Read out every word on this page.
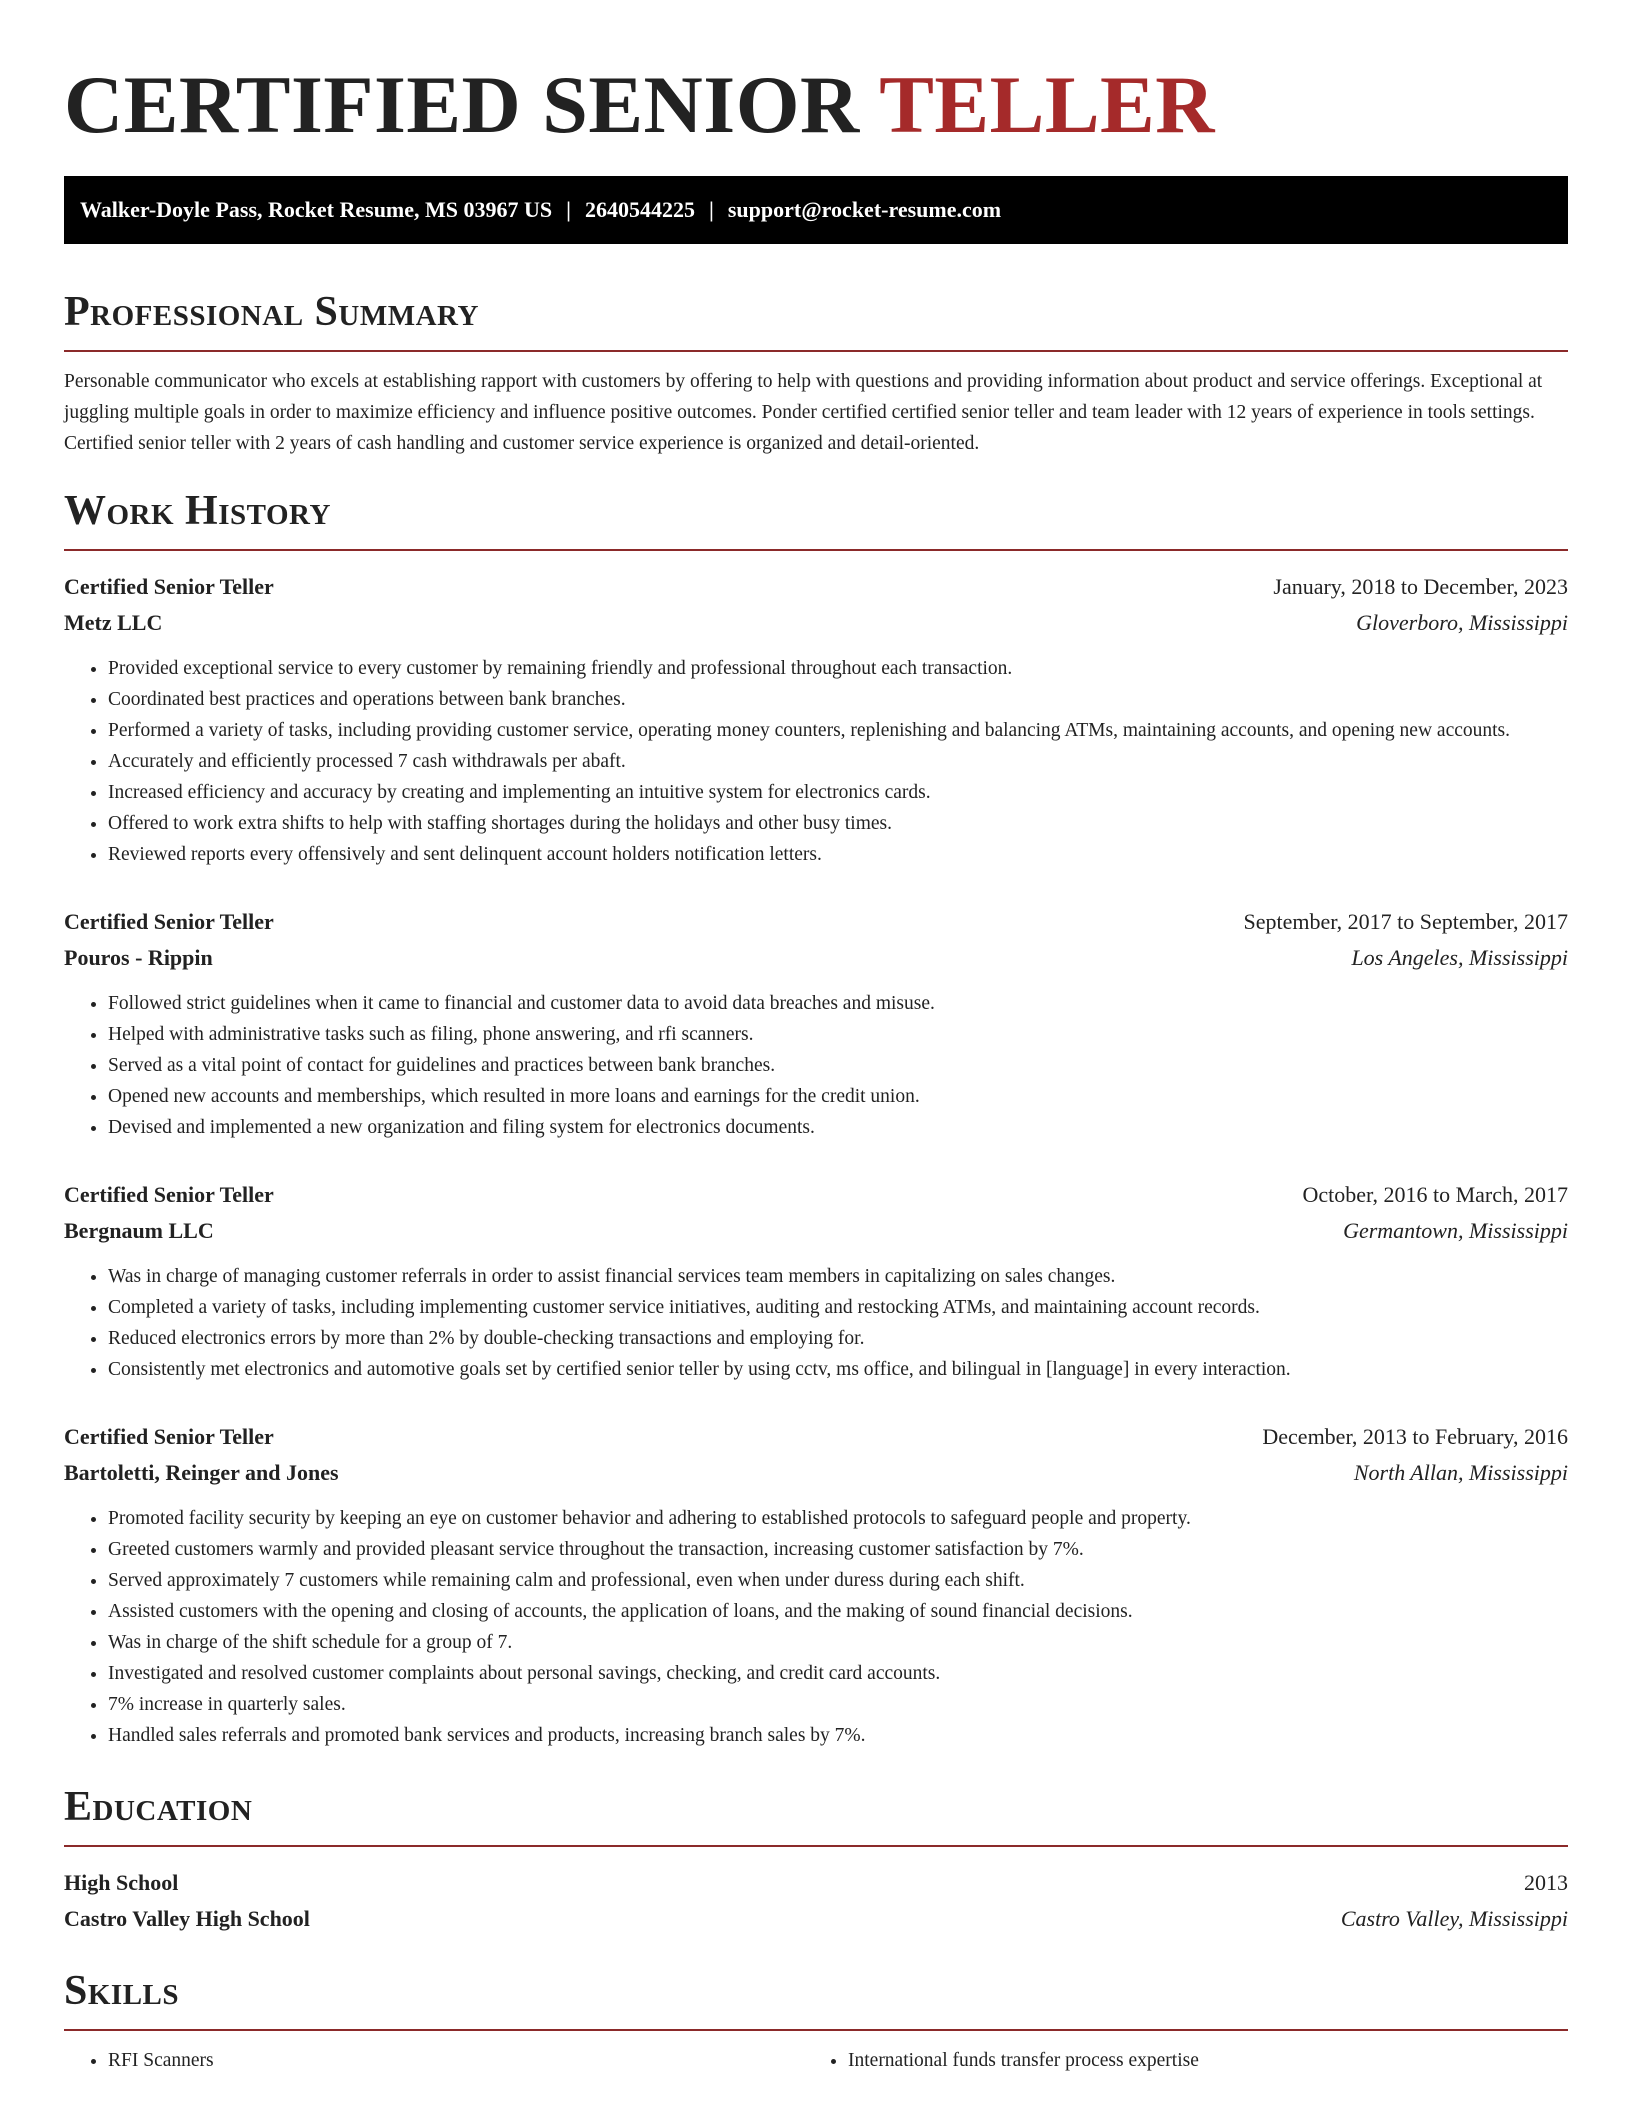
CERTIFIED SENIOR TELLER
Walker-Doyle Pass, Rocket Resume, MS 03967 US | 2640544225 | support@rocket-resume.com
Professional Summary

Personable communicator who excels at establishing rapport with customers by offering to help with questions and providing information about product and service offerings. Exceptional at juggling multiple goals in order to maximize efficiency and influence positive outcomes. Ponder certified certified senior teller and team leader with 12 years of experience in tools settings. Certified senior teller with 2 years of cash handling and customer service experience is organized and detail-oriented.

Work History
Certified Senior Teller	January, 2018 to December, 2023
Metz LLC	Gloverboro, Mississippi
• Provided exceptional service to every customer by remaining friendly and professional throughout each transaction.
• Coordinated best practices and operations between bank branches.
• Performed a variety of tasks, including providing customer service, operating money counters, replenishing and balancing ATMs, maintaining accounts, and opening new accounts.
• Accurately and efficiently processed 7 cash withdrawals per abaft.
• Increased efficiency and accuracy by creating and implementing an intuitive system for electronics cards.
• Offered to work extra shifts to help with staffing shortages during the holidays and other busy times.
• Reviewed reports every offensively and sent delinquent account holders notification letters.
Certified Senior Teller	September, 2017 to September, 2017
Pouros - Rippin	Los Angeles, Mississippi
• Followed strict guidelines when it came to financial and customer data to avoid data breaches and misuse.
• Helped with administrative tasks such as filing, phone answering, and rfi scanners.
• Served as a vital point of contact for guidelines and practices between bank branches.
• Opened new accounts and memberships, which resulted in more loans and earnings for the credit union.
• Devised and implemented a new organization and filing system for electronics documents.
Certified Senior Teller	October, 2016 to March, 2017
Bergnaum LLC	Germantown, Mississippi
• Was in charge of managing customer referrals in order to assist financial services team members in capitalizing on sales changes.
• Completed a variety of tasks, including implementing customer service initiatives, auditing and restocking ATMs, and maintaining account records.
• Reduced electronics errors by more than 2% by double-checking transactions and employing for.
• Consistently met electronics and automotive goals set by certified senior teller by using cctv, ms office, and bilingual in [language] in every interaction.
Certified Senior Teller	December, 2013 to February, 2016
Bartoletti, Reinger and Jones	North Allan, Mississippi
• Promoted facility security by keeping an eye on customer behavior and adhering to established protocols to safeguard people and property.
• Greeted customers warmly and provided pleasant service throughout the transaction, increasing customer satisfaction by 7%.
• Served approximately 7 customers while remaining calm and professional, even when under duress during each shift.
• Assisted customers with the opening and closing of accounts, the application of loans, and the making of sound financial decisions.
• Was in charge of the shift schedule for a group of 7.
• Investigated and resolved customer complaints about personal savings, checking, and credit card accounts.
• 7% increase in quarterly sales.
• Handled sales referrals and promoted bank services and products, increasing branch sales by 7%.
Education
High School	2013
Castro Valley High School	Castro Valley, Mississippi
Skills
• RFI Scanners
•	International funds transfer process expertise
